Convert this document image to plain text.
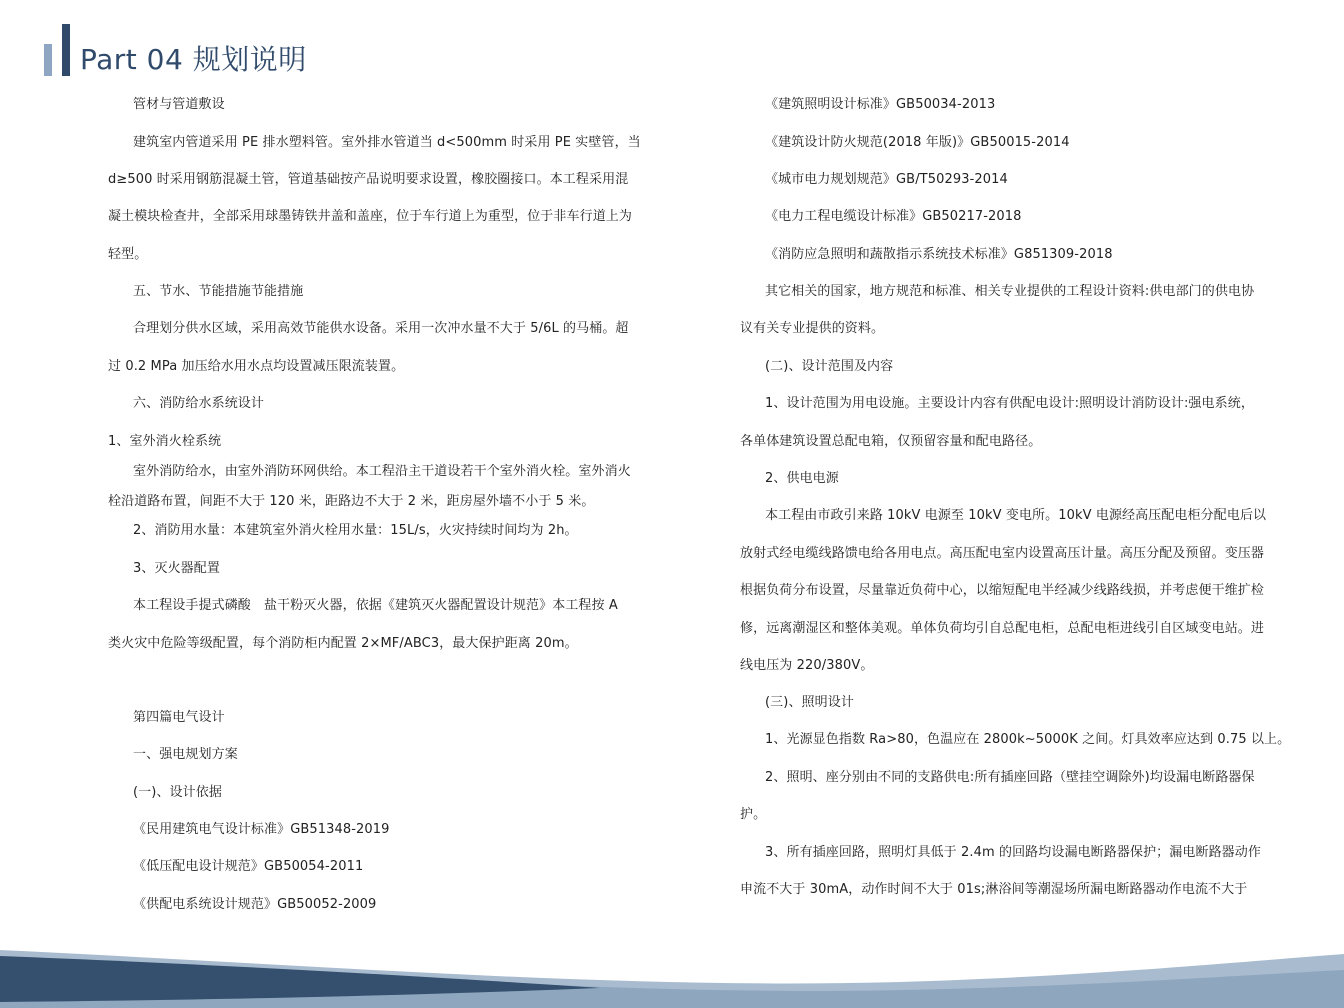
Part 04 规划说明
管材与管道敷设
建筑室内管道采用 PE 排水塑料管。室外排水管道当 d<500mm 时采用 PE 实壁管，当
d≥500 时采用钢筋混凝土管，管道基础按产品说明要求设置，橡胶圈接口。本工程采用混
凝土模块检查井，全部采用球墨铸铁井盖和盖座，位于车行道上为重型，位于非车行道上为
轻型。
五、节水、节能措施节能措施
合理划分供水区域，采用高效节能供水设备。采用一次冲水量不大于 5/6L 的马桶。超
过 0.2 MPa 加压给水用水点均设置减压限流装置。
六、消防给水系统设计
1、室外消火栓系统
室外消防给水，由室外消防环网供给。本工程沿主干道设若干个室外消火栓。室外消火
栓沿道路布置，间距不大于 120 米，距路边不大于 2 米，距房屋外墙不小于 5 米。
2、消防用水量：本建筑室外消火栓用水量：15L/s，火灾持续时间均为 2h。
3、灭火器配置
本工程设手提式磷酸　盐干粉灭火器，依据《建筑灭火器配置设计规范》本工程按 A
类火灾中危险等级配置，每个消防柜内配置 2×MF/ABC3，最大保护距离 20m。
第四篇电气设计
一、强电规划方案
(一)、设计依据
《民用建筑电气设计标准》GB51348-2019
《低压配电设计规范》GB50054-2011
《供配电系统设计规范》GB50052-2009
《建筑照明设计标准》GB50034-2013
《建筑设计防火规范(2018 年版)》GB50015-2014
《城市电力规划规范》GB/T50293-2014
《电力工程电缆设计标准》GB50217-2018
《消防应急照明和蔬散指示系统技术标准》G851309-2018
其它相关的国家，地方规范和标准、相关专业提供的工程设计资料:供电部门的供电协
议有关专业提供的资料。
(二)、设计范围及内容
1、设计范围为用电设施。主要设计内容有供配电设计:照明设计消防设计:强电系统，
各单体建筑设置总配电箱，仅预留容量和配电路径。
2、供电电源
本工程由市政引来路 10kV 电源至 10kV 变电所。10kV 电源经高压配电柜分配电后以
放射式经电缆线路馈电给各用电点。高压配电室内设置高压计量。高压分配及预留。变压器
根据负荷分布设置，尽量靠近负荷中心，以缩短配电半经减少线路线损，并考虑便干维扩检
修，远离潮湿区和整体美观。单体负荷均引自总配电柜，总配电柜进线引自区域变电站。进
线电压为 220/380V。
(三)、照明设计
1、光源显色指数 Ra>80，色温应在 2800k~5000K 之间。灯具效率应达到 0.75 以上。
2、照明、座分别由不同的支路供电:所有插座回路（壁挂空调除外)均设漏电断路器保
护。
3、所有插座回路，照明灯具低于 2.4m 的回路均设漏电断路器保护；漏电断路器动作
申流不大于 30mA，动作时间不大于 01s;淋浴间等潮湿场所漏电断路器动作电流不大于
